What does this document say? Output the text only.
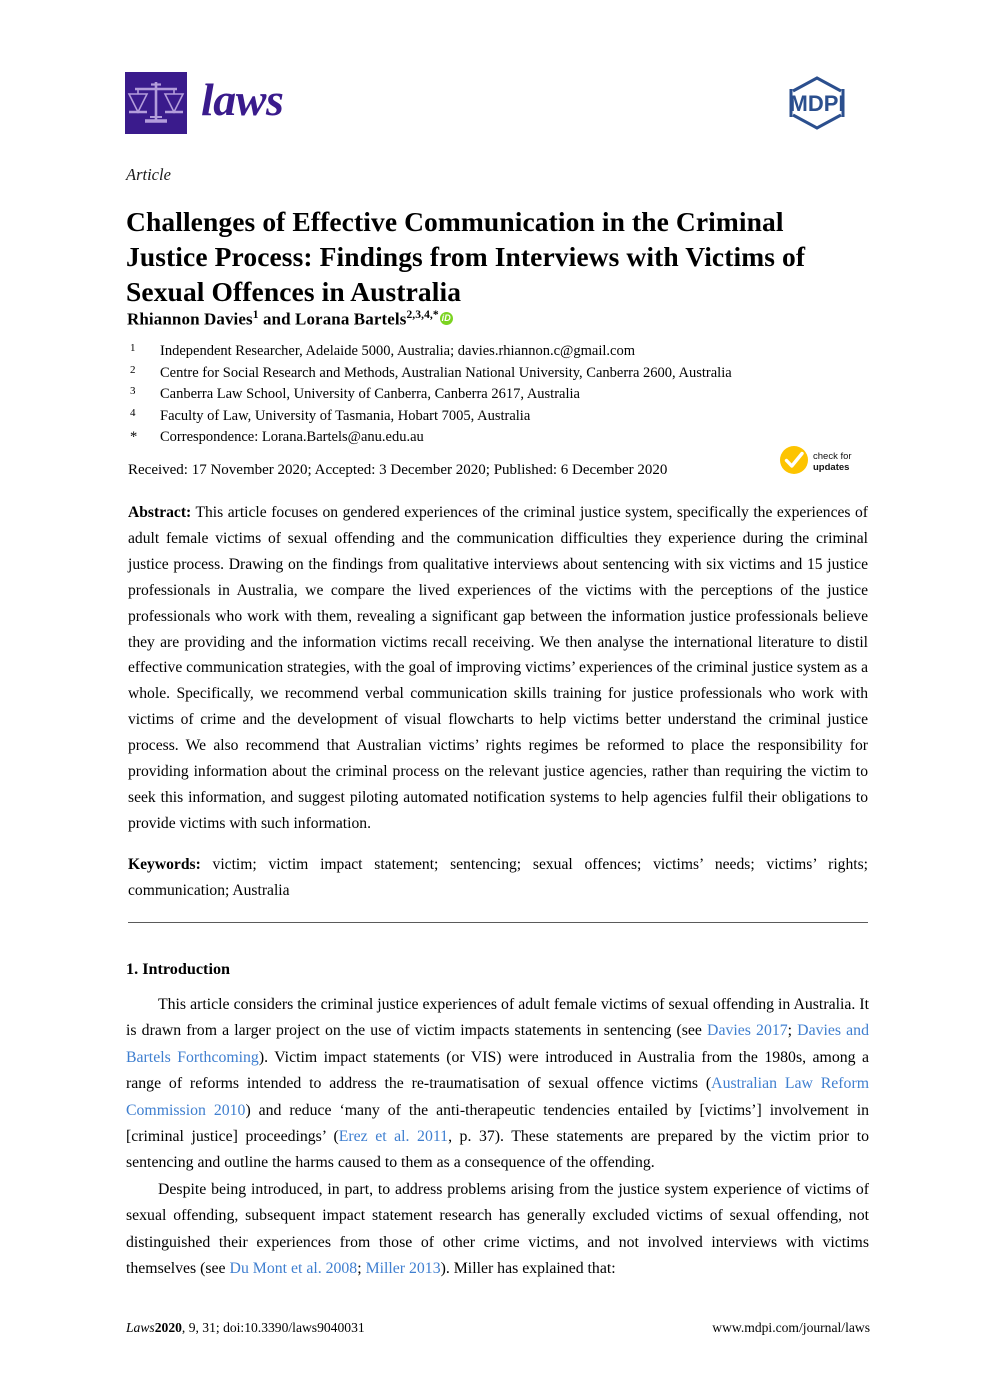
laws	MDPI
Article
Challenges of Effective Communication in the Criminal Justice Process: Findings from Interviews with Victims of Sexual Offences in Australia
Rhiannon Davies$^1$ and Lorana Bartels$^{2,3,4,*}$ iD
1	Independent Researcher, Adelaide 5000, Australia; davies.rhiannon.c@gmail.com
2	Centre for Social Research and Methods, Australian National University, Canberra 2600, Australia
3	Canberra Law School, University of Canberra, Canberra 2617, Australia
4	Faculty of Law, University of Tasmania, Hobart 7005, Australia
*	Correspondence: Lorana.Bartels@anu.edu.au
Received: 17 November 2020; Accepted: 3 December 2020; Published: 6 December 2020
check for
updates
Abstract: This article focuses on gendered experiences of the criminal justice system, specifically the experiences of adult female victims of sexual offending and the communication difficulties they experience during the criminal justice process. Drawing on the findings from qualitative interviews about sentencing with six victims and 15 justice professionals in Australia, we compare the lived experiences of the victims with the perceptions of the justice professionals who work with them, revealing a significant gap between the information justice professionals believe they are providing and the information victims recall receiving. We then analyse the international literature to distil effective communication strategies, with the goal of improving victims’ experiences of the criminal justice system as a whole. Specifically, we recommend verbal communication skills training for justice professionals who work with victims of crime and the development of visual flowcharts to help victims better understand the criminal justice process. We also recommend that Australian victims’ rights regimes be reformed to place the responsibility for providing information about the criminal process on the relevant justice agencies, rather than requiring the victim to seek this information, and suggest piloting automated notification systems to help agencies fulfil their obligations to provide victims with such information.
Keywords: victim; victim impact statement; sentencing; sexual offences; victims’ needs; victims’ rights; communication; Australia
1. Introduction

This article considers the criminal justice experiences of adult female victims of sexual offending in Australia. It is drawn from a larger project on the use of victim impacts statements in sentencing (see Davies 2017; Davies and Bartels Forthcoming). Victim impact statements (or VIS) were introduced in Australia from the 1980s, among a range of reforms intended to address the re-traumatisation of sexual offence victims (Australian Law Reform Commission 2010) and reduce ‘many of the anti-therapeutic tendencies entailed by [victims’] involvement in [criminal justice] proceedings’ (Erez et al. 2011, p. 37). These statements are prepared by the victim prior to sentencing and outline the harms caused to them as a consequence of the offending.

Despite being introduced, in part, to address problems arising from the justice system experience of victims of sexual offending, subsequent impact statement research has generally excluded victims of sexual offending, not distinguished their experiences from those of other crime victims, and not involved interviews with victims themselves (see Du Mont et al. 2008; Miller 2013). Miller has explained that:

Laws2020, 9, 31; doi:10.3390/laws9040031	www.mdpi.com/journal/laws
